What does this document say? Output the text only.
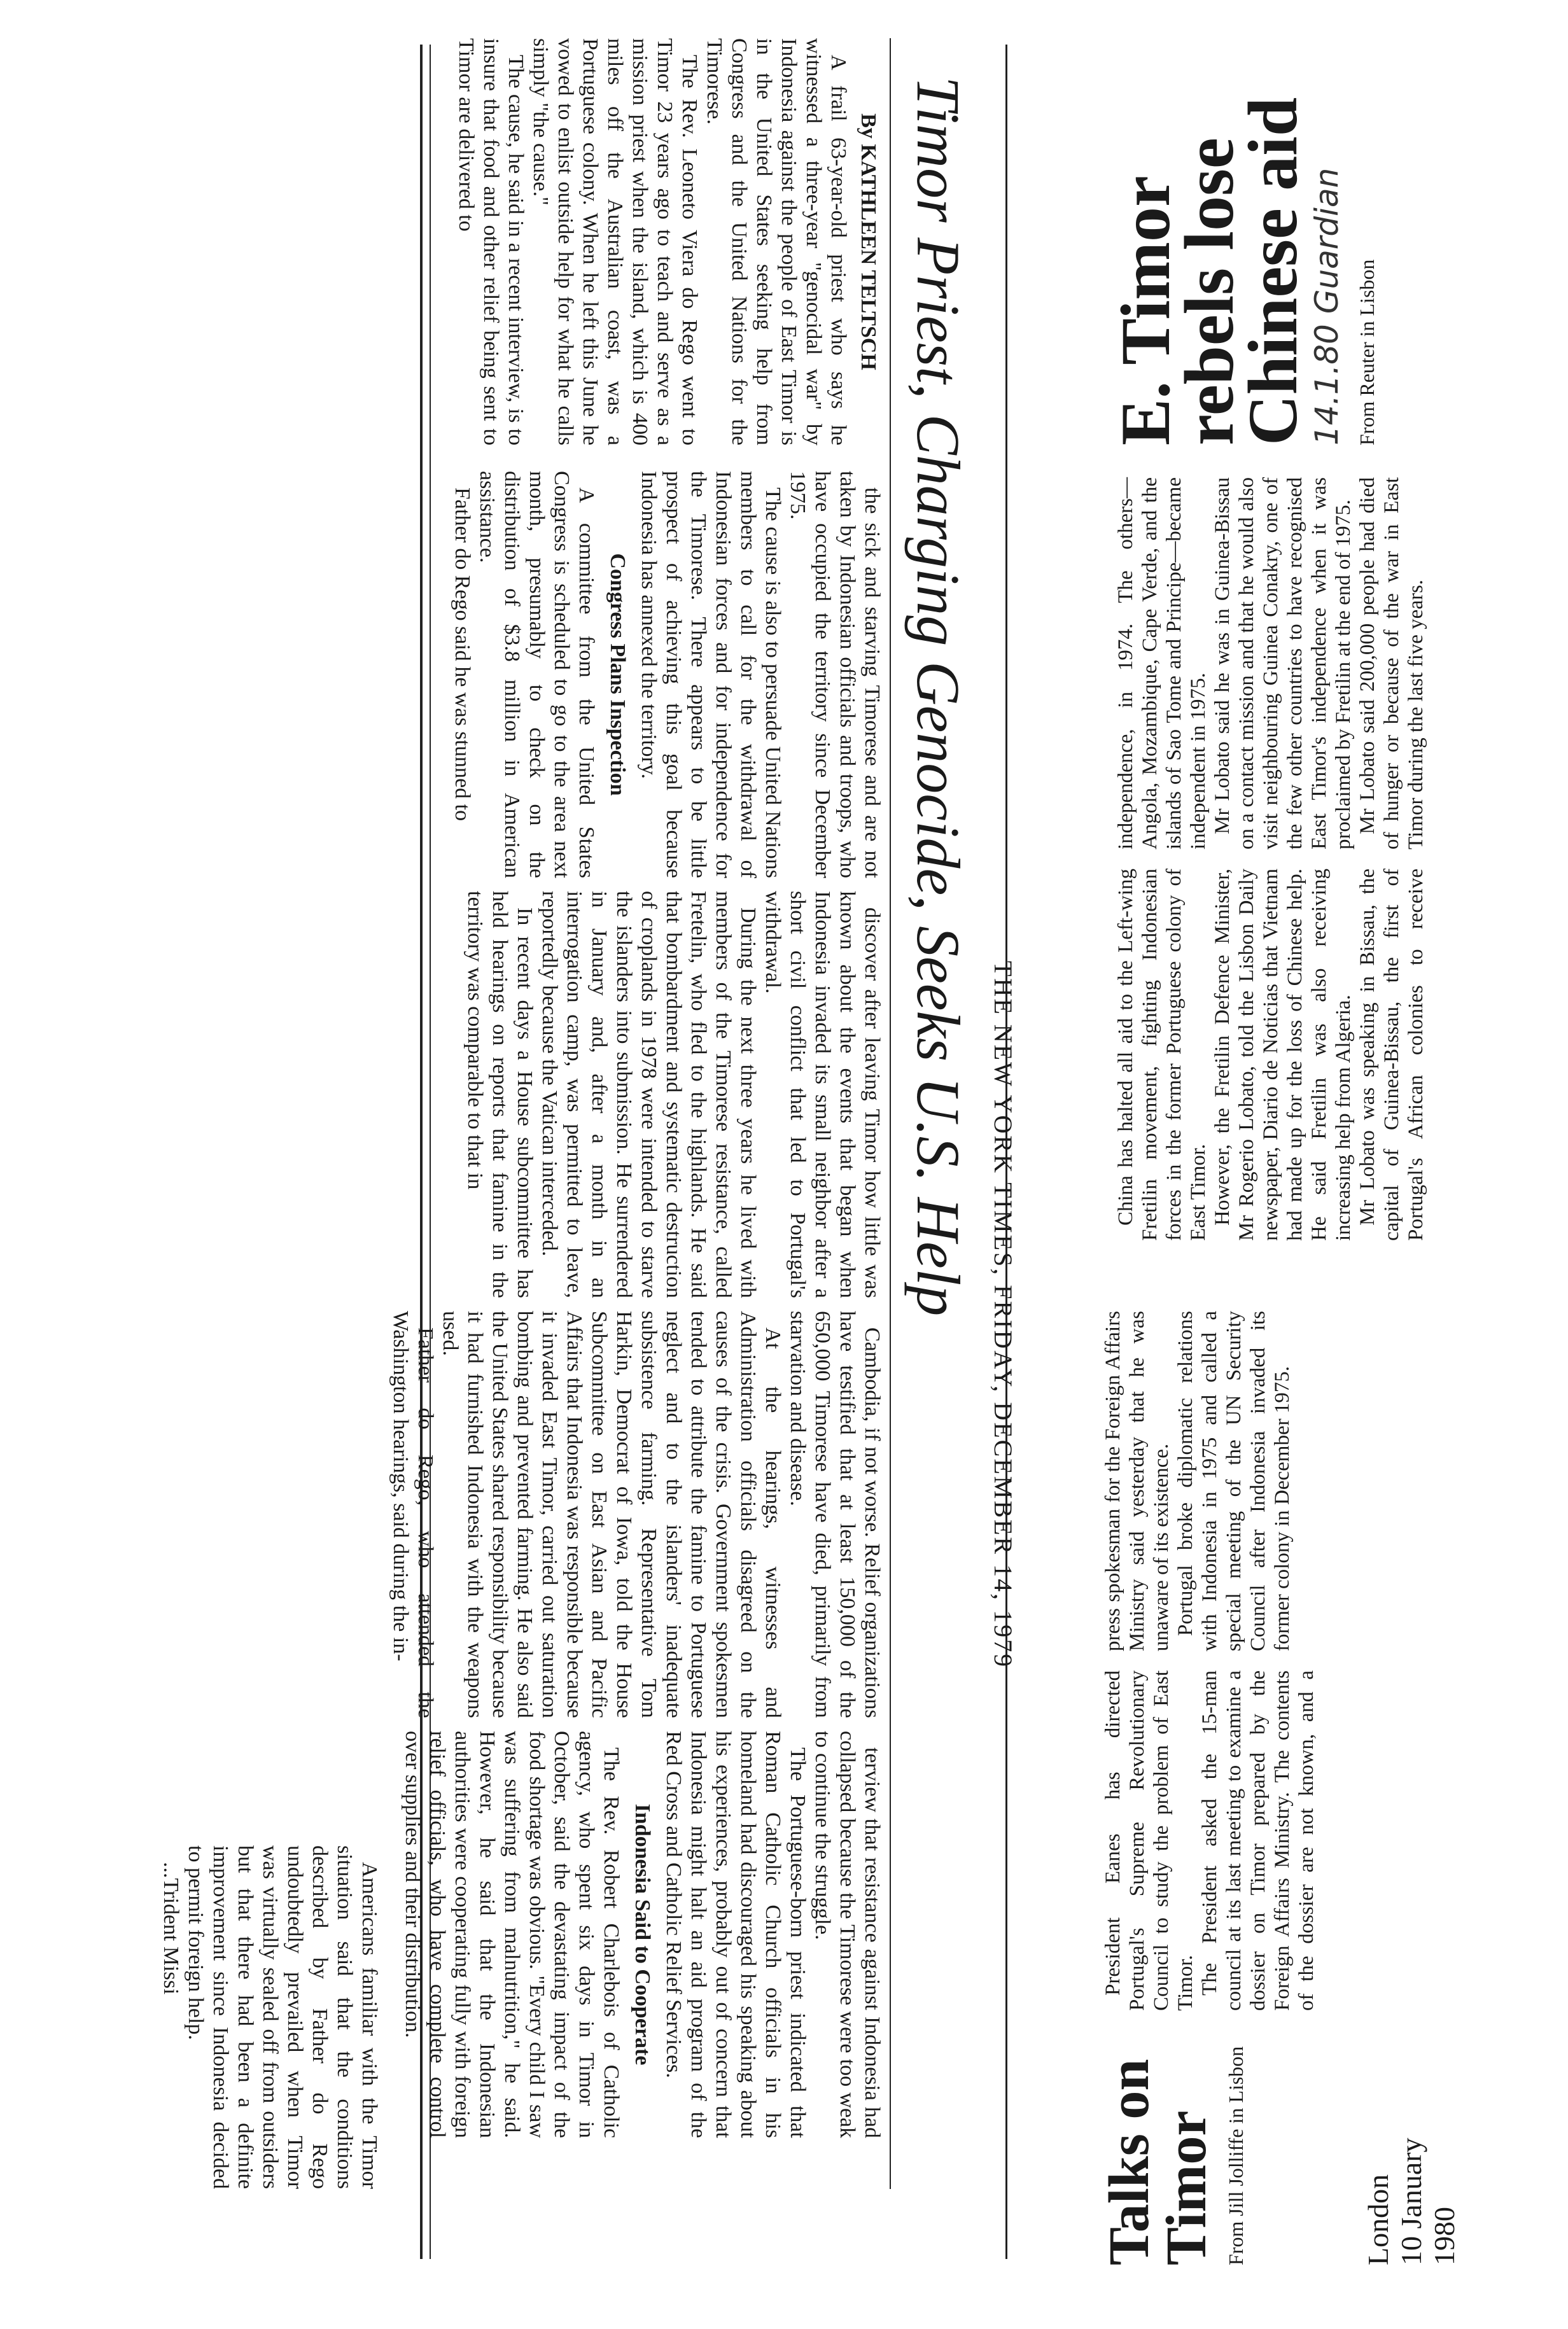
THE NEW YORK TIMES, FRIDAY, DECEMBER 14, 1979
Timor Priest, Charging Genocide, Seeks U.S. Help
By KATHLEEN TELTSCH

A frail 63-year-old priest who says he witnessed a three-year "genocidal war" by Indonesia against the people of East Timor is in the United States seeking help from Congress and the United Nations for the Timorese.

The Rev. Leoneto Viera do Rego went to Timor 23 years ago to teach and serve as a mission priest when the island, which is 400 miles off the Australian coast, was a Portuguese colony. When he left this June he vowed to enlist outside help for what he calls simply "the cause."

The cause, he said in a recent interview, is to insure that food and other relief being sent to Timor are delivered to

the sick and starving Timorese and are not taken by Indonesian officials and troops, who have occupied the territory since December 1975.

The cause is also to persuade United Nations members to call for the withdrawal of Indonesian forces and for independence for the Timorese. There appears to be little prospect of achieving this goal because Indonesia has annexed the territory.

Congress Plans Inspection

A committee from the United States Congress is scheduled to go to the area next month, presumably to check on the distribution of $3.8 million in American assistance.

Father do Rego said he was stunned to

discover after leaving Timor how little was known about the events that began when Indonesia invaded its small neighbor after a short civil conflict that led to Portugal's withdrawal.

During the next three years he lived with members of the Timorese resistance, called Fretelin, who fled to the highlands. He said that bombardment and systematic destruction of croplands in 1978 were intended to starve the islanders into submission. He surrendered in January and, after a month in an interrogation camp, was permitted to leave, reportedly because the Vatican interceded.

In recent days a House subcommittee has held hearings on reports that famine in the territory was comparable to that in

Cambodia, if not worse. Relief organizations have testified that at least 150,000 of the 650,000 Timorese have died, primarily from starvation and disease.

At the hearings, witnesses and Administration officials disagreed on the causes of the crisis. Government spokesmen tended to attribute the famine to Portuguese neglect and to the islanders' inadequate subsistence farming. Representative Tom Harkin, Democrat of Iowa, told the House Subcommittee on East Asian and Pacific Affairs that Indonesia was responsible because it invaded East Timor, carried out saturation bombing and prevented farming. He also said the United States shared responsibility because it had furnished Indonesia with the weapons used.

Father do Rego, who attended the Washington hearings, said during the in-

terview that resistance against Indonesia had collapsed because the Timorese were too weak to continue the struggle.

The Portuguese-born priest indicated that Roman Catholic Church officials in his homeland had discouraged his speaking about his experiences, probably out of concern that Indonesia might halt an aid program of the Red Cross and Catholic Relief Services.

Indonesia Said to Cooperate

The Rev. Robert Charlebois of Catholic agency, who spent six days in Timor in October, said the devastating impact of the food shortage was obvious. "Every child I saw was suffering from malnutrition," he said. However, he said that the Indonesian authorities were cooperating fully with foreign relief officials, who have complete control over supplies and their distribution.

Americans familiar with the Timor situation said that the conditions described by Father do Rego undoubtedly prevailed when Timor was virtually sealed off from outsiders but that there had been a definite improvement since Indonesia decided to permit foreign help.

...Trident Missi

E. Timor
rebels lose
Chinese aid
14.1.80 Guardian From Reuter in Lisbon

China has halted all aid to the Left-wing Fretilin movement, fighting Indonesian forces in the former Portuguese colony of East Timor. However, the Fretilin Defence Minister, Mr Rogerio Lobato, told the Lisbon Daily newspaper, Diario de Noticias that Vietnam had made up for the loss of Chinese help. He said Fretilin was also receiving increasing help from Algeria. Mr Lobato was speaking in Bissau, the capital of Guinea-Bissau, the first of Portugal's African colonies to receive independence, in 1974. The others—Angola, Mozambique, Cape Verde, and the islands of Sao Tome and Principe—became independent in 1975. Mr Lobato said he was in Guinea-Bissau on a contact mission and that he would also visit neighbouring Guinea Conakry, one of the few other countries to have recognised East Timor's independence when it was proclaimed by Fretilin at the end of 1975. Mr Lobato said 200,000 people had died of hunger or because of the war in East Timor during the last five years.

London 10 January 1980
Talks on
Timor From Jill Jolliffe in Lisbon

President Eanes has directed Portugal's Supreme Revolutionary Council to study the problem of East Timor. The President asked the 15-man council at its last meeting to examine a dossier on Timor prepared by the Foreign Affairs Ministry. The contents of the dossier are not known, and a press spokesman for the Foreign Affairs Ministry said yesterday that he was unaware of its existence. Portugal broke diplomatic relations with Indonesia in 1975 and called a special meeting of the UN Security Council after Indonesia invaded its former colony in December 1975.
